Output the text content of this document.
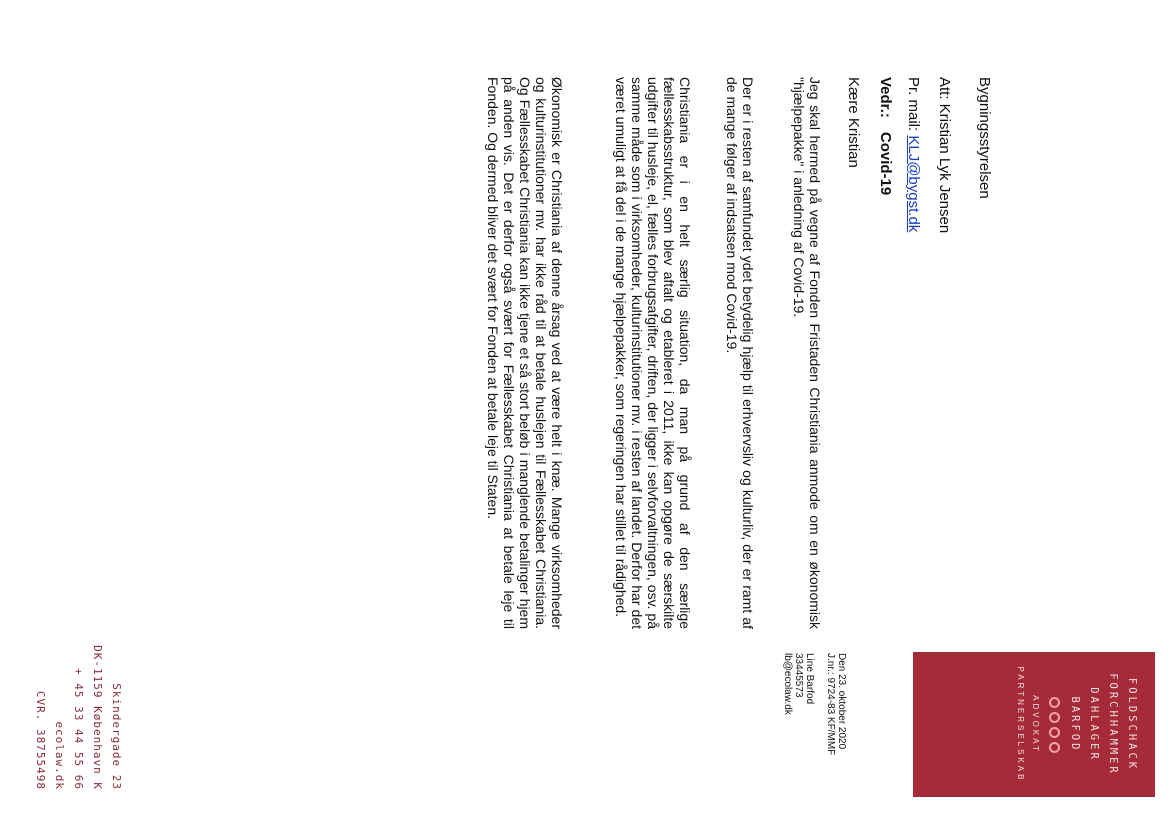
Bygningsstyrelsen
Att: Kristian Lyk Jensen
Pr. mail: KLJ@bygst.dk
Vedr.:Covid-19
Kære Kristian

Jeg skal hermed på vegne af Fonden Fristaden Christiania anmode om en økonomisk "hjælpepakke" i anledning af Covid-19.

Der er i resten af samfundet ydet betydelig hjælp til erhvervsliv og kulturliv, der er ramt af de mange følger af indsatsen mod Covid-19.

Christiania er i en helt særlig situation, da man på grund af den særlige fællesskabsstruktur, som blev aftalt og etableret i 2011, ikke kan opgøre de særskilte udgifter til husleje, el, fælles forbrugsafgifter, driften, der ligger i selvforvaltningen, osv. på samme måde som i virksomheder, kulturinstitutioner mv. i resten af landet. Derfor har det været umuligt at få del i de mange hjælpepakker, som regeringen har stillet til rådighed.

Økonomisk er Christiania af denne årsag ved at være helt i knæ. Mange virksomheder og kulturinstitutioner mv. har ikke råd til at betale huslejen til Fællesskabet Christiania. Og Fællesskabet Christiania kan ikke tjene et så stort beløb i manglende betalinger hjem på anden vis. Det er derfor også svært for Fællesskabet Christiania at betale leje til Fonden. Og dermed bliver det svært for Fonden at betale leje til Staten.

FOLDSCHACK
FORCHHAMMER
DAHLAGER
BARFOD
ADVOKAT
PARTNERSELSKAB
Den 23. oktober 2020
J.nr.: 9724-83 KF/MMF
Line Barfod
33445573
lb@ecolaw.dk
Skindergade 23
DK-1159 København K
+ 45 33 44 55 66
ecolaw.dk
CVR. 38755498
